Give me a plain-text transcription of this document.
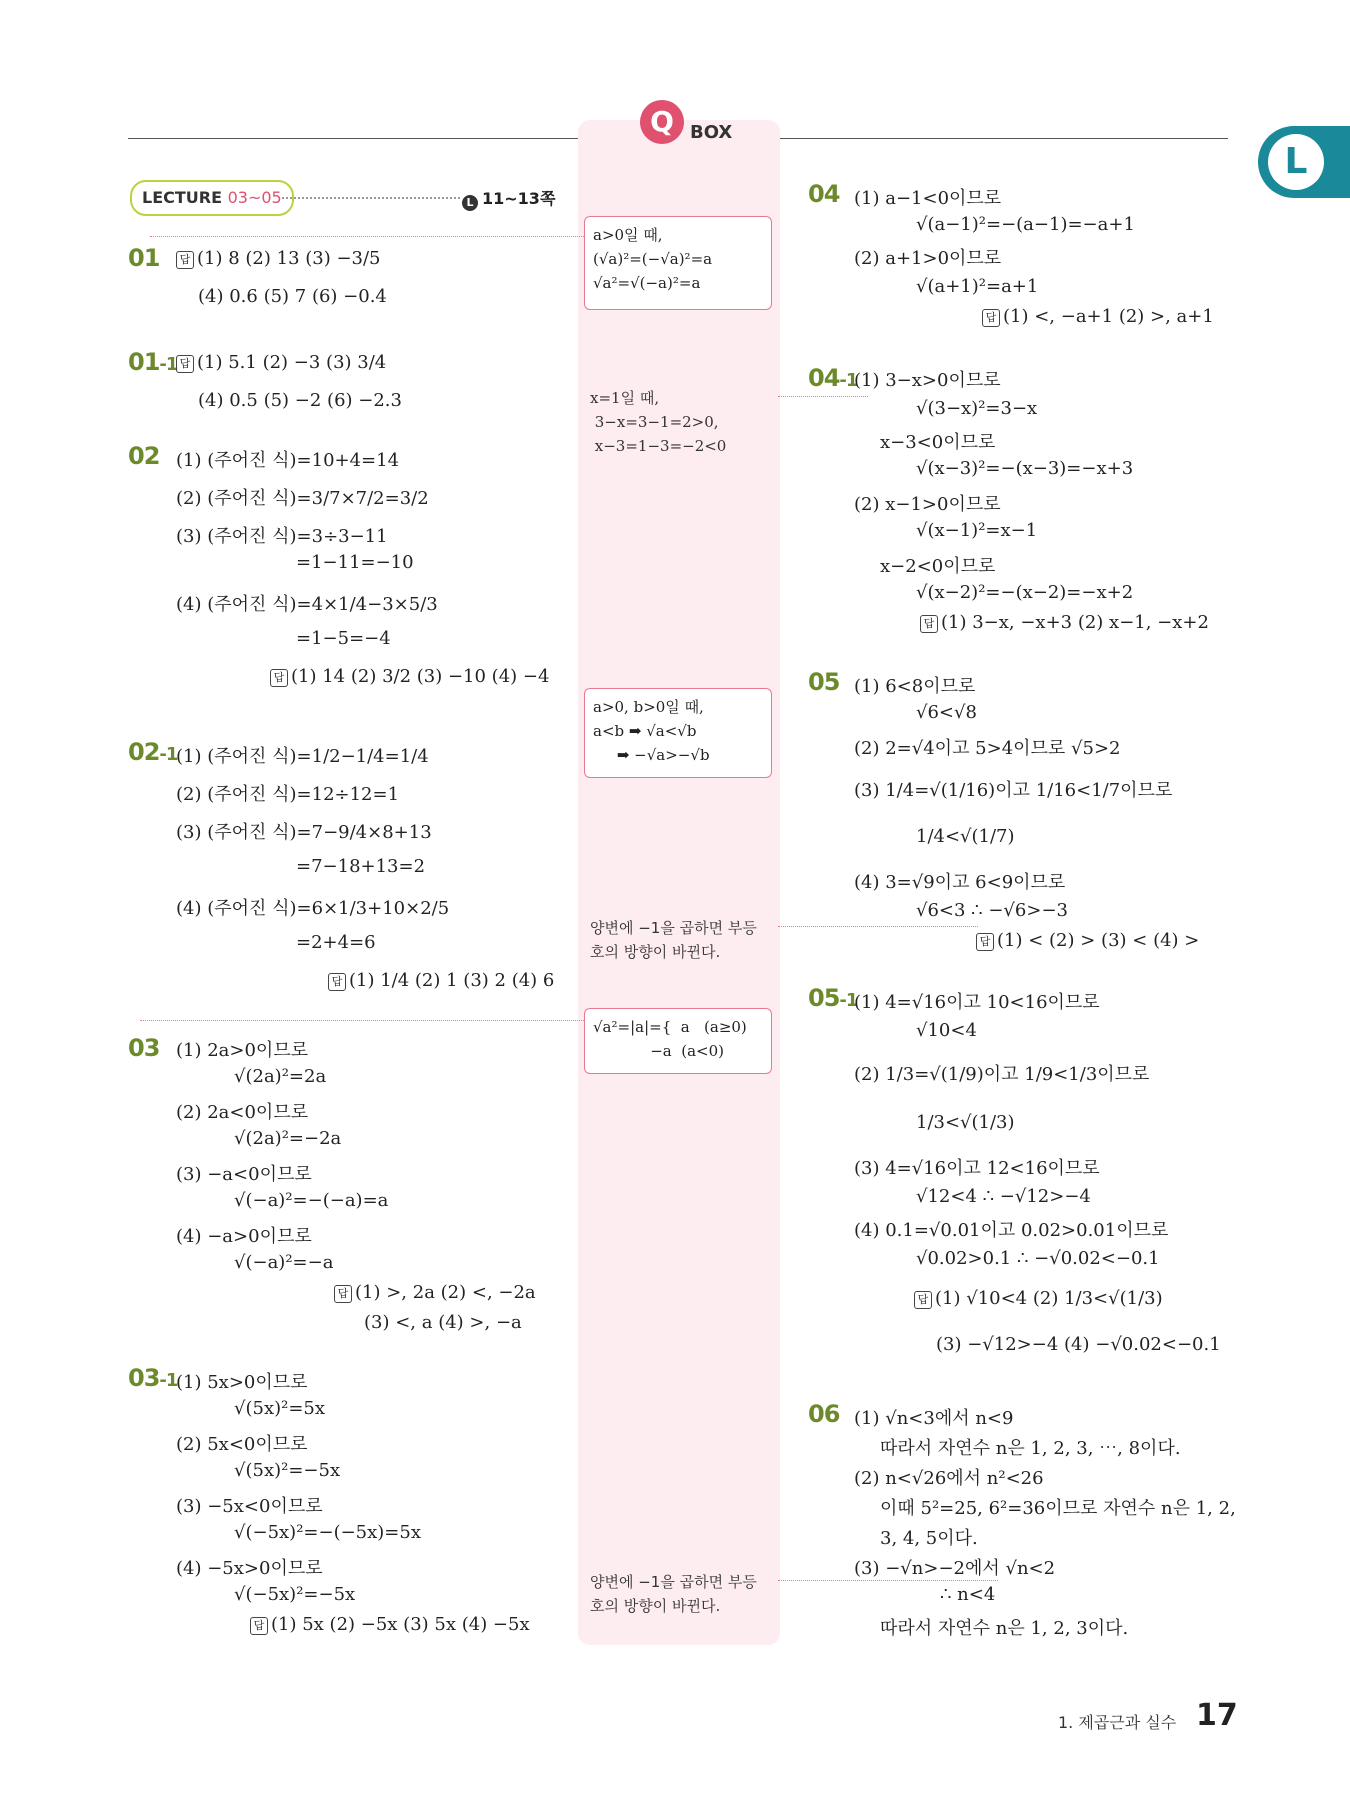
Q BOX
L
LECTURE 03~05	L 11~13쪽
01	답 (1) 8 (2) 13 (3) −3/5
(4) 0.6 (5) 7 (6) −0.4
01-1 답 (1) 5.1 (2) −3 (3) 3/4
(4) 0.5 (5) −2 (6) −2.3
02 (1) (주어진 식)=10+4=14
(2) (주어진 식)=3/7×7/2=3/2
(3) (주어진 식)=3÷3−11
=1−11=−10
(4) (주어진 식)=4×1/4−3×5/3
=1−5=−4
답 (1) 14 (2) 3/2 (3) −10 (4) −4
02-1
(1) (주어진 식)=1/2−1/4=1/4
(2) (주어진 식)=12÷12=1
(3) (주어진 식)=7−9/4×8+13
=7−18+13=2
(4) (주어진 식)=6×1/3+10×2/5
=2+4=6
답 (1) 1/4 (2) 1 (3) 2 (4) 6
03 (1) 2a>0이므로
√(2a)²=2a
(2) 2a<0이므로
√(2a)²=−2a
(3) −a<0이므로
√(−a)²=−(−a)=a
(4) −a>0이므로
√(−a)²=−a
답 (1) >, 2a (2) <, −2a
(3) <, a (4) >, −a
03-1
(1) 5x>0이므로
√(5x)²=5x
(2) 5x<0이므로
√(5x)²=−5x
(3) −5x<0이므로
√(−5x)²=−(−5x)=5x
(4) −5x>0이므로
√(−5x)²=−5x
답 (1) 5x (2) −5x (3) 5x (4) −5x
a>0일 때,
(√a)²=(−√a)²=a
√a²=√(−a)²=a
x=1일 때,
3−x=3−1=2>0,
x−3=1−3=−2<0
a>0, b>0일 때,
a<b ➡ √a<√b
➡ −√a>−√b
양변에 −1을 곱하면 부등
호의 방향이 바뀐다.
√a²=|a|={  a   (a≥0)
−a  (a<0)
양변에 −1을 곱하면 부등
호의 방향이 바뀐다.
04 (1) a−1<0이므로
√(a−1)²=−(a−1)=−a+1
(2) a+1>0이므로
√(a+1)²=a+1
답 (1) <, −a+1 (2) >, a+1
04-1
(1) 3−x>0이므로
√(3−x)²=3−x
x−3<0이므로
√(x−3)²=−(x−3)=−x+3
(2) x−1>0이므로
√(x−1)²=x−1
x−2<0이므로
√(x−2)²=−(x−2)=−x+2
답 (1) 3−x, −x+3 (2) x−1, −x+2
05 (1) 6<8이므로
√6<√8
(2) 2=√4이고 5>4이므로 √5>2
(3) 1/4=√(1/16)이고 1/16<1/7이므로
1/4<√(1/7)
(4) 3=√9이고 6<9이므로
√6<3 ∴ −√6>−3
답 (1) < (2) > (3) < (4) >
05-1
(1) 4=√16이고 10<16이므로
√10<4
(2) 1/3=√(1/9)이고 1/9<1/3이므로
1/3<√(1/3)
(3) 4=√16이고 12<16이므로
√12<4 ∴ −√12>−4
(4) 0.1=√0.01이고 0.02>0.01이므로
√0.02>0.1 ∴ −√0.02<−0.1
답 (1) √10<4 (2) 1/3<√(1/3)
(3) −√12>−4 (4) −√0.02<−0.1
06 (1) √n<3에서 n<9
따라서 자연수 n은 1, 2, 3, ⋯, 8이다.
(2) n<√26에서 n²<26
이때 5²=25, 6²=36이므로 자연수 n은 1, 2,
3, 4, 5이다.
(3) −√n>−2에서 √n<2
∴ n<4
따라서 자연수 n은 1, 2, 3이다.
1. 제곱근과 실수 17
